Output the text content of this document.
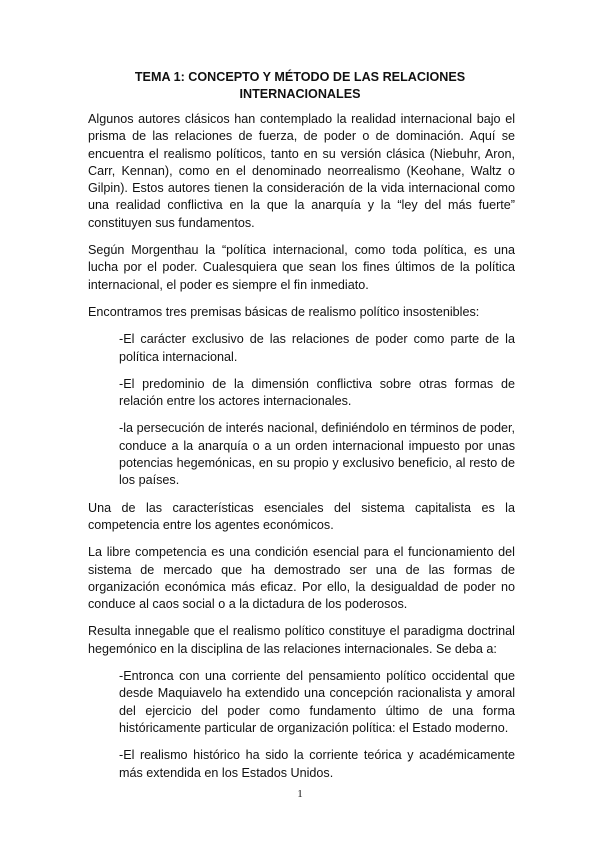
TEMA 1: CONCEPTO Y MÉTODO DE LAS RELACIONES
INTERNACIONALES

Algunos autores clásicos han contemplado la realidad internacional bajo el prisma de las relaciones de fuerza, de poder o de dominación. Aquí se encuentra el realismo políticos, tanto en su versión clásica (Niebuhr, Aron, Carr, Kennan), como en el denominado neorrealismo (Keohane, Waltz o Gilpin). Estos autores tienen la consideración de la vida internacional como una realidad conflictiva en la que la anarquía y la “ley del más fuerte” constituyen sus fundamentos.

Según Morgenthau la “política internacional, como toda política, es una lucha por el poder. Cualesquiera que sean los fines últimos de la política internacional, el poder es siempre el fin inmediato.

Encontramos tres premisas básicas de realismo político insostenibles:

-El carácter exclusivo de las relaciones de poder como parte de la política internacional.

-El predominio de la dimensión conflictiva sobre otras formas de relación entre los actores internacionales.

-la persecución de interés nacional, definiéndolo en términos de poder, conduce a la anarquía o a un orden internacional impuesto por unas potencias hegemónicas, en su propio y exclusivo beneficio, al resto de los países.

Una de las características esenciales del sistema capitalista es la competencia entre los agentes económicos.

La libre competencia es una condición esencial para el funcionamiento del sistema de mercado que ha demostrado ser una de las formas de organización económica más eficaz. Por ello, la desigualdad de poder no conduce al caos social o a la dictadura de los poderosos.

Resulta innegable que el realismo político constituye el paradigma doctrinal hegemónico en la disciplina de las relaciones internacionales. Se deba a:

-Entronca con una corriente del pensamiento político occidental que desde Maquiavelo ha extendido una concepción racionalista y amoral del ejercicio del poder como fundamento último de una forma históricamente particular de organización política: el Estado moderno.

-El realismo histórico ha sido la corriente teórica y académicamente más extendida en los Estados Unidos.

1
